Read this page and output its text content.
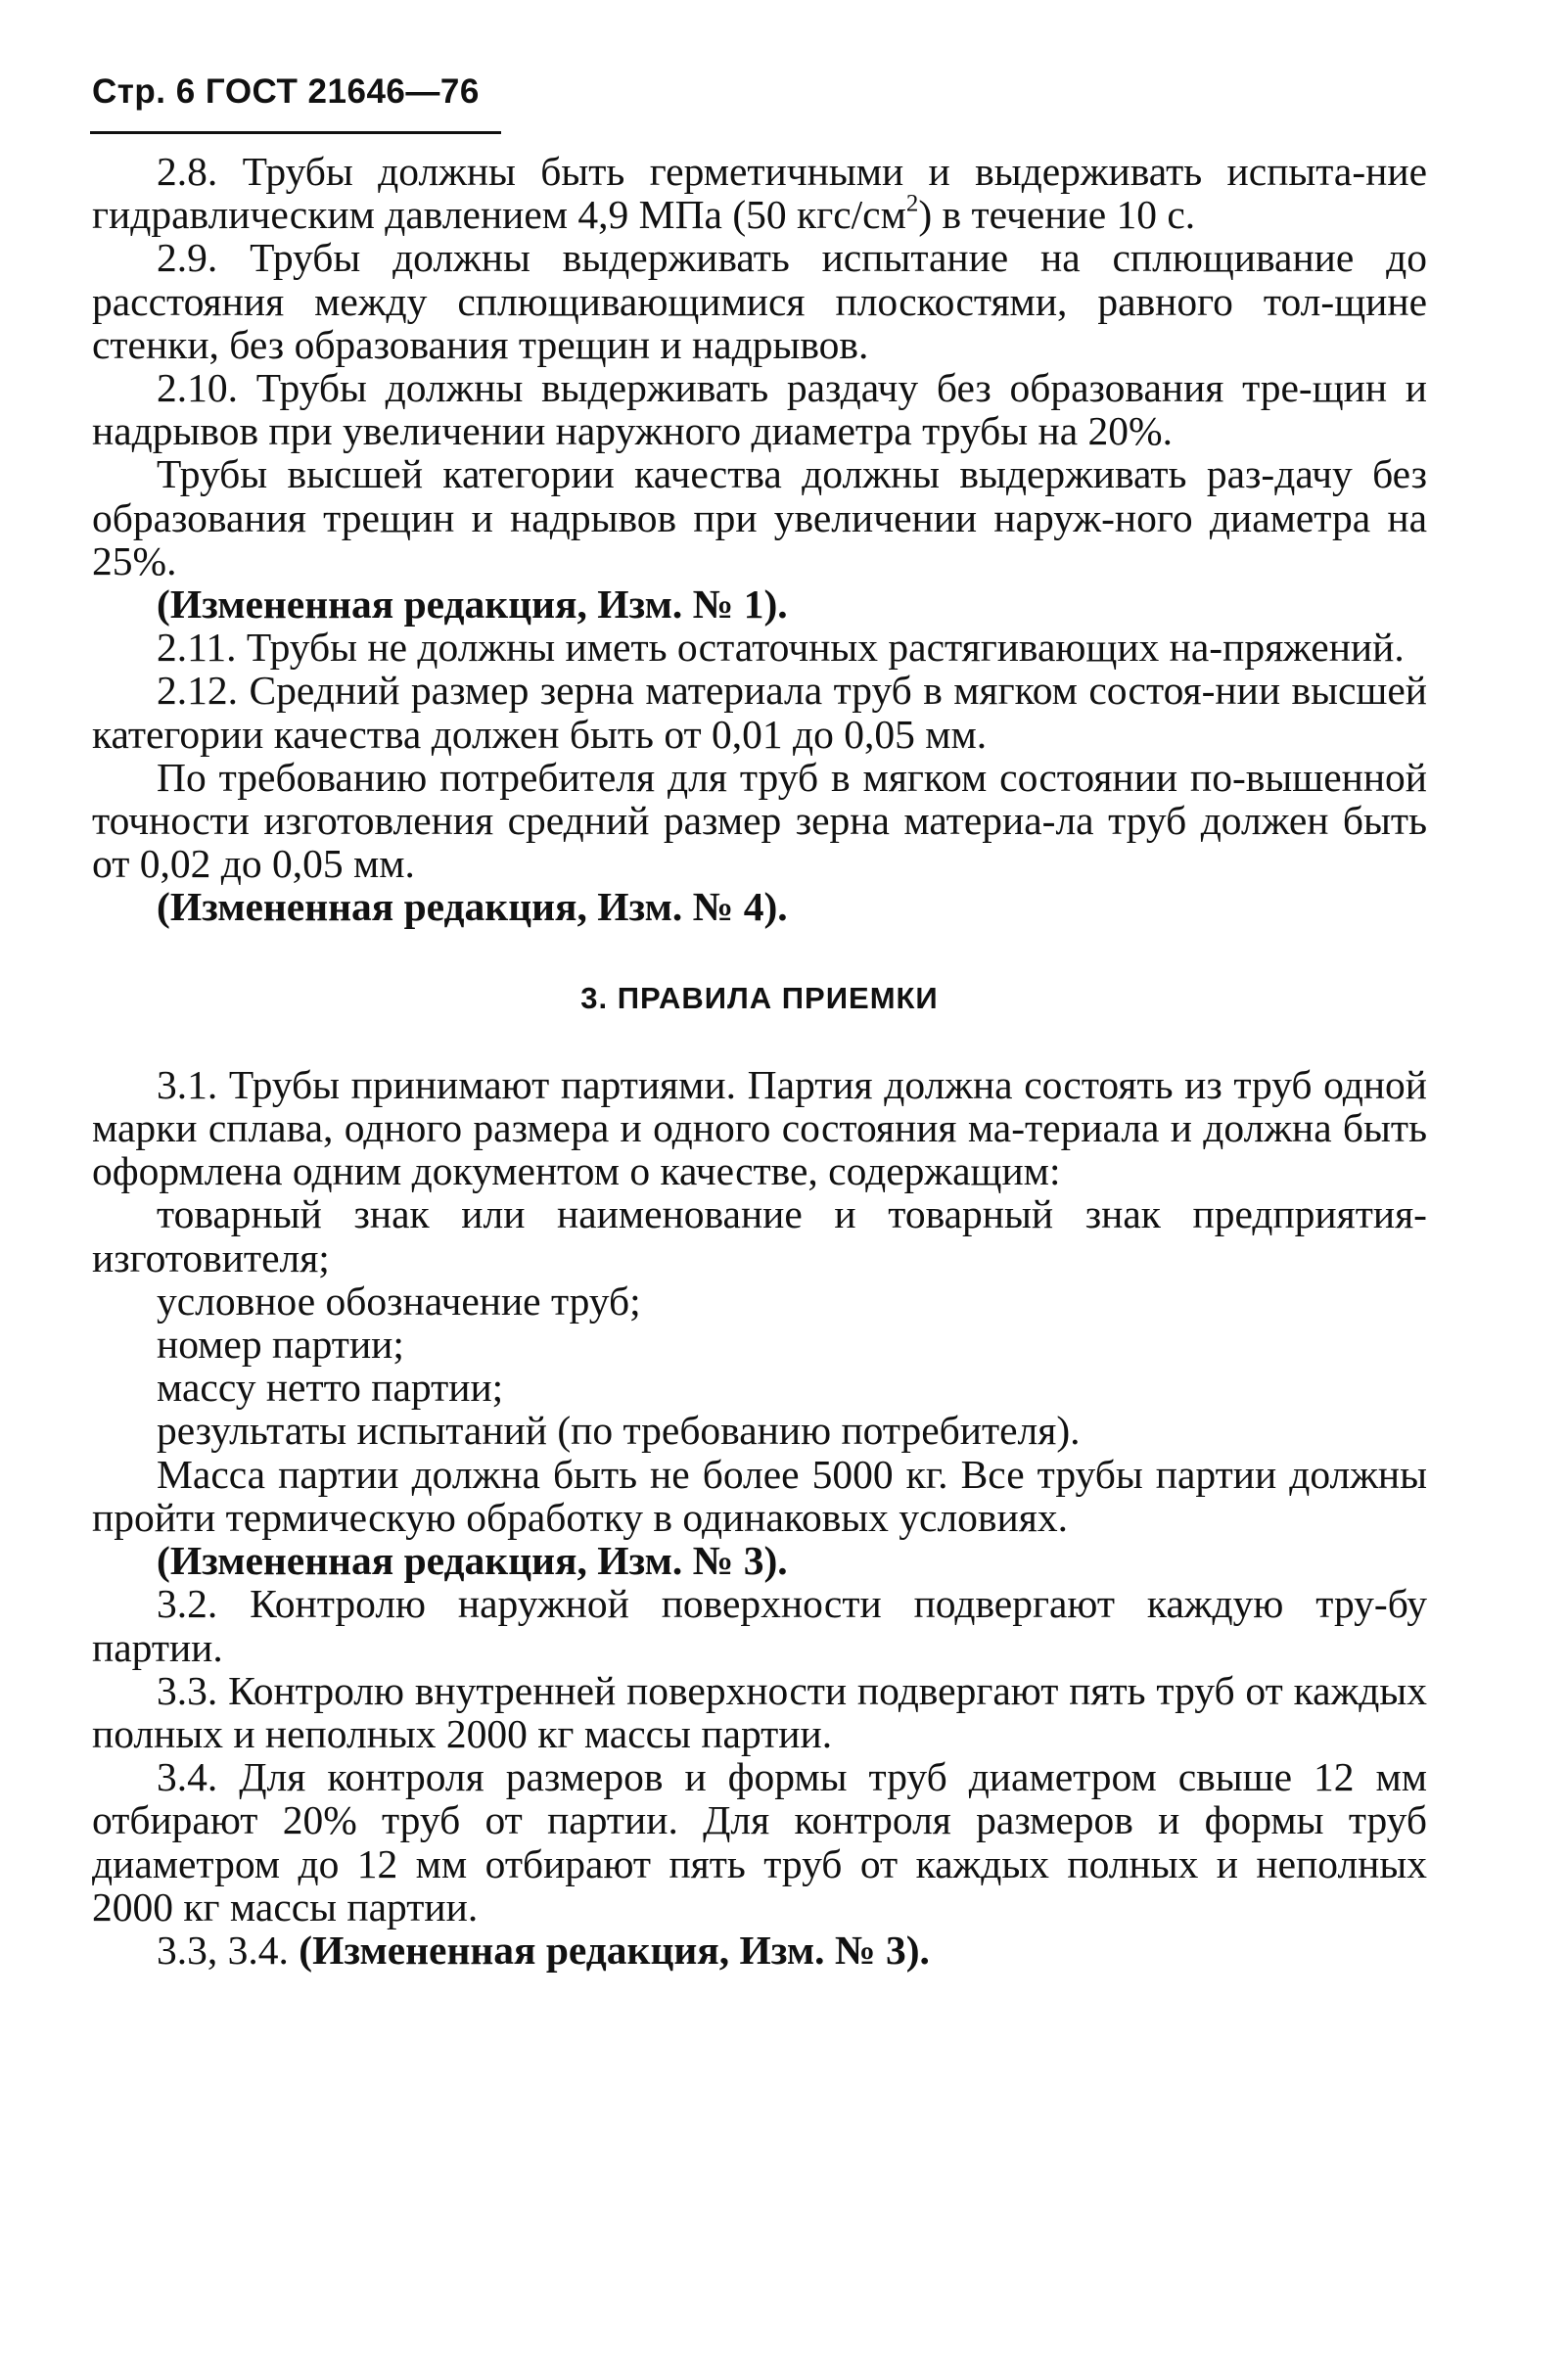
Стр. 6 ГОСТ 21646—76

2.8. Трубы должны быть герметичными и выдерживать испыта-ние гидравлическим давлением 4,9 МПа (50 кгс/$см^2$) в течение 10 с.

2.9. Трубы должны выдерживать испытание на сплющивание до расстояния между сплющивающимися плоскостями, равного тол-щине стенки, без образования трещин и надрывов.

2.10. Трубы должны выдерживать раздачу без образования тре-щин и надрывов при увеличении наружного диаметра трубы на 20%.

Трубы высшей категории качества должны выдерживать раз-дачу без образования трещин и надрывов при увеличении наруж-ного диаметра на 25%.

(Измененная редакция, Изм. № 1).

2.11. Трубы не должны иметь остаточных растягивающих на-пряжений.

2.12. Средний размер зерна материала труб в мягком состоя-нии высшей категории качества должен быть от 0,01 до 0,05 мм.

По требованию потребителя для труб в мягком состоянии по-вышенной точности изготовления средний размер зерна материа-ла труб должен быть от 0,02 до 0,05 мм.

(Измененная редакция, Изм. № 4).

3. ПРАВИЛА ПРИЕМКИ

3.1. Трубы принимают партиями. Партия должна состоять из труб одной марки сплава, одного размера и одного состояния ма-териала и должна быть оформлена одним документом о качестве, содержащим:

товарный знак или наименование и товарный знак предприятия-изготовителя;

условное обозначение труб;

номер партии;

массу нетто партии;

результаты испытаний (по требованию потребителя).

Масса партии должна быть не более 5000 кг. Все трубы партии должны пройти термическую обработку в одинаковых условиях.

(Измененная редакция, Изм. № 3).

3.2. Контролю наружной поверхности подвергают каждую тру-бу партии.

3.3. Контролю внутренней поверхности подвергают пять труб от каждых полных и неполных 2000 кг массы партии.

3.4. Для контроля размеров и формы труб диаметром свыше 12 мм отбирают 20% труб от партии. Для контроля размеров и формы труб диаметром до 12 мм отбирают пять труб от каждых полных и неполных 2000 кг массы партии.

3.3, 3.4. (Измененная редакция, Изм. № 3).
